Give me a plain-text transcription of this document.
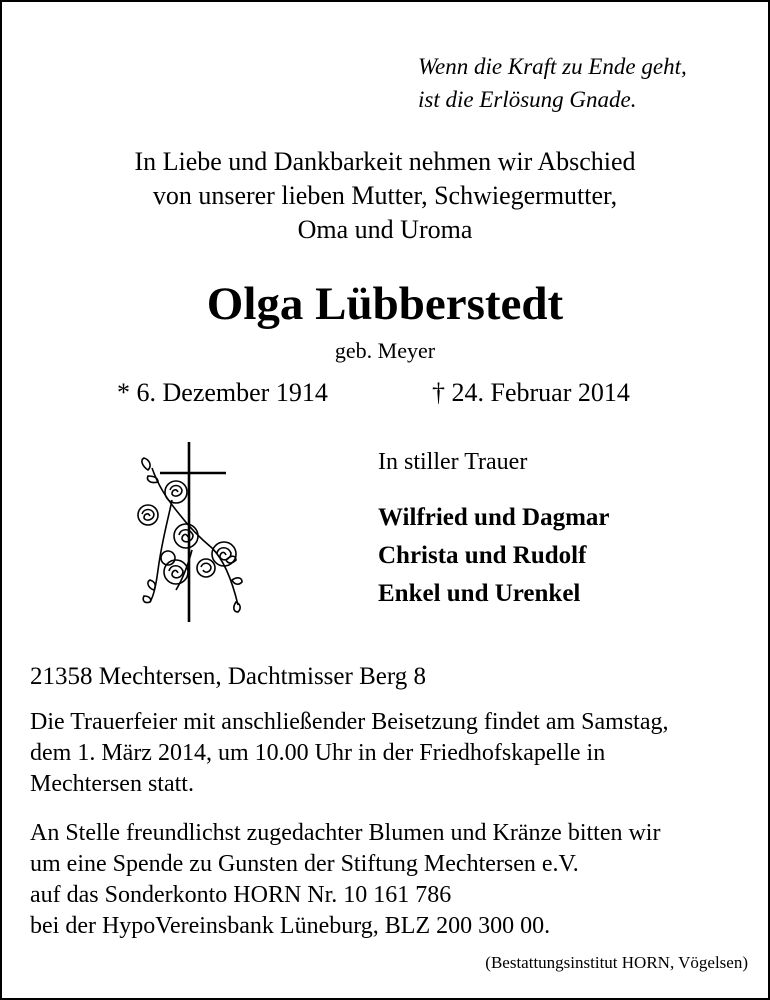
Wenn die Kraft zu Ende geht,
ist die Erlösung Gnade.
In Liebe und Dankbarkeit nehmen wir Abschied
von unserer lieben Mutter, Schwiegermutter,
Oma und Uroma
Olga Lübberstedt
geb. Meyer
* 6. Dezember 1914	† 24. Februar 2014
In stiller Trauer
Wilfried und Dagmar
Christa und Rudolf
Enkel und Urenkel
21358 Mechtersen, Dachtmisser Berg 8
Die Trauerfeier mit anschließender Beisetzung findet am Samstag,
dem 1. März 2014, um 10.00 Uhr in der Friedhofskapelle in
Mechtersen statt.
An Stelle freundlichst zugedachter Blumen und Kränze bitten wir
um eine Spende zu Gunsten der Stiftung Mechtersen e.V.
auf das Sonderkonto HORN Nr. 10 161 786
bei der HypoVereinsbank Lüneburg, BLZ 200 300 00.
(Bestattungsinstitut HORN, Vögelsen)
